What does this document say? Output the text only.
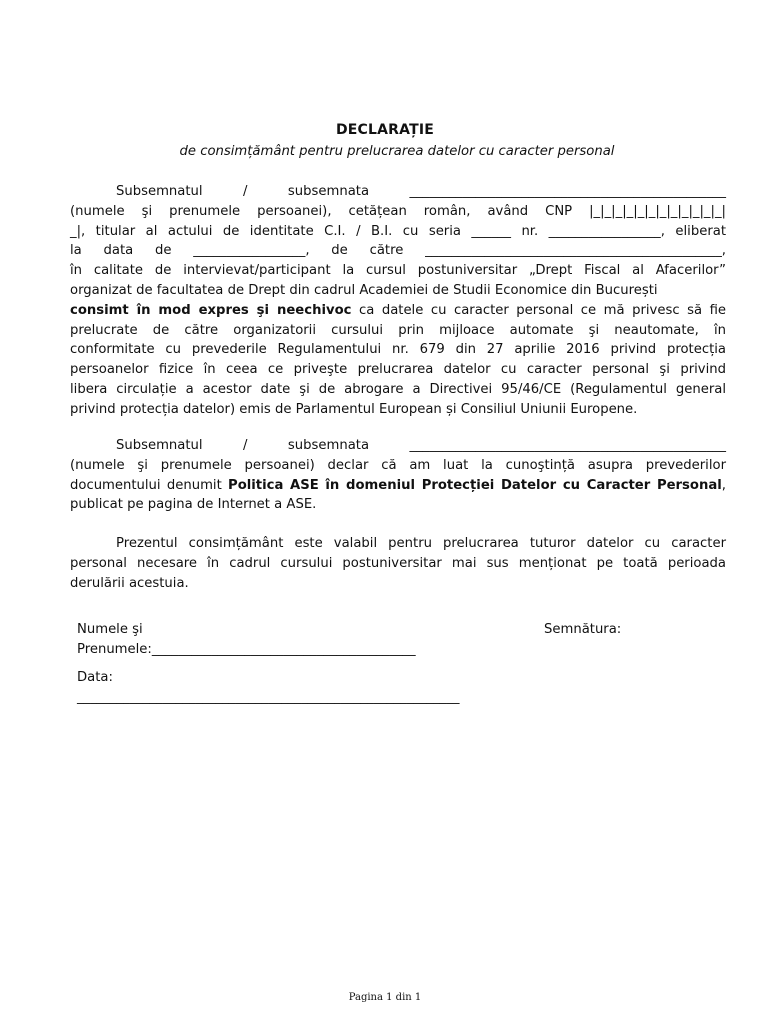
DECLARAȚIE
de consimțământ pentru prelucrarea datelor cu caracter personal
Subsemnatul / subsemnata ________________________________________________
(numele şi prenumele persoanei), cetățean român, având CNP |_|_|_|_|_|_|_|_|_|_|_|_|
_|, titular al actului de identitate C.I. / B.I. cu seria ______ nr. _________________, eliberat
la data de _________________, de către _____________________________________________,
în calitate de intervievat/participant la cursul postuniversitar „Drept Fiscal al Afacerilor”
organizat de facultatea de Drept din cadrul Academiei de Studii Economice din București
consimt în mod expres şi neechivoc ca datele cu caracter personal ce mă privesc să fie
prelucrate de către organizatorii cursului prin mijloace automate şi neautomate, în
conformitate cu prevederile Regulamentului nr. 679 din 27 aprilie 2016 privind protecția
persoanelor fizice în ceea ce priveşte prelucrarea datelor cu caracter personal şi privind
libera circulație a acestor date şi de abrogare a Directivei 95/46/CE (Regulamentul general
privind protecția datelor) emis de Parlamentul European și Consiliul Uniunii Europene.
Subsemnatul / subsemnata ________________________________________________
(numele şi prenumele persoanei) declar că am luat la cunoştință asupra prevederilor
documentului denumit Politica ASE în domeniul Protecției Datelor cu Caracter Personal,
publicat pe pagina de Internet a ASE.
Prezentul consimțământ este valabil pentru prelucrarea tuturor datelor cu caracter
personal necesare în cadrul cursului postuniversitar mai sus menționat pe toată perioada
derulării acestuia.
Numele şi
Prenumele:________________________________________
Semnătura:
Data:
__________________________________________________________
Pagina 1 din 1
